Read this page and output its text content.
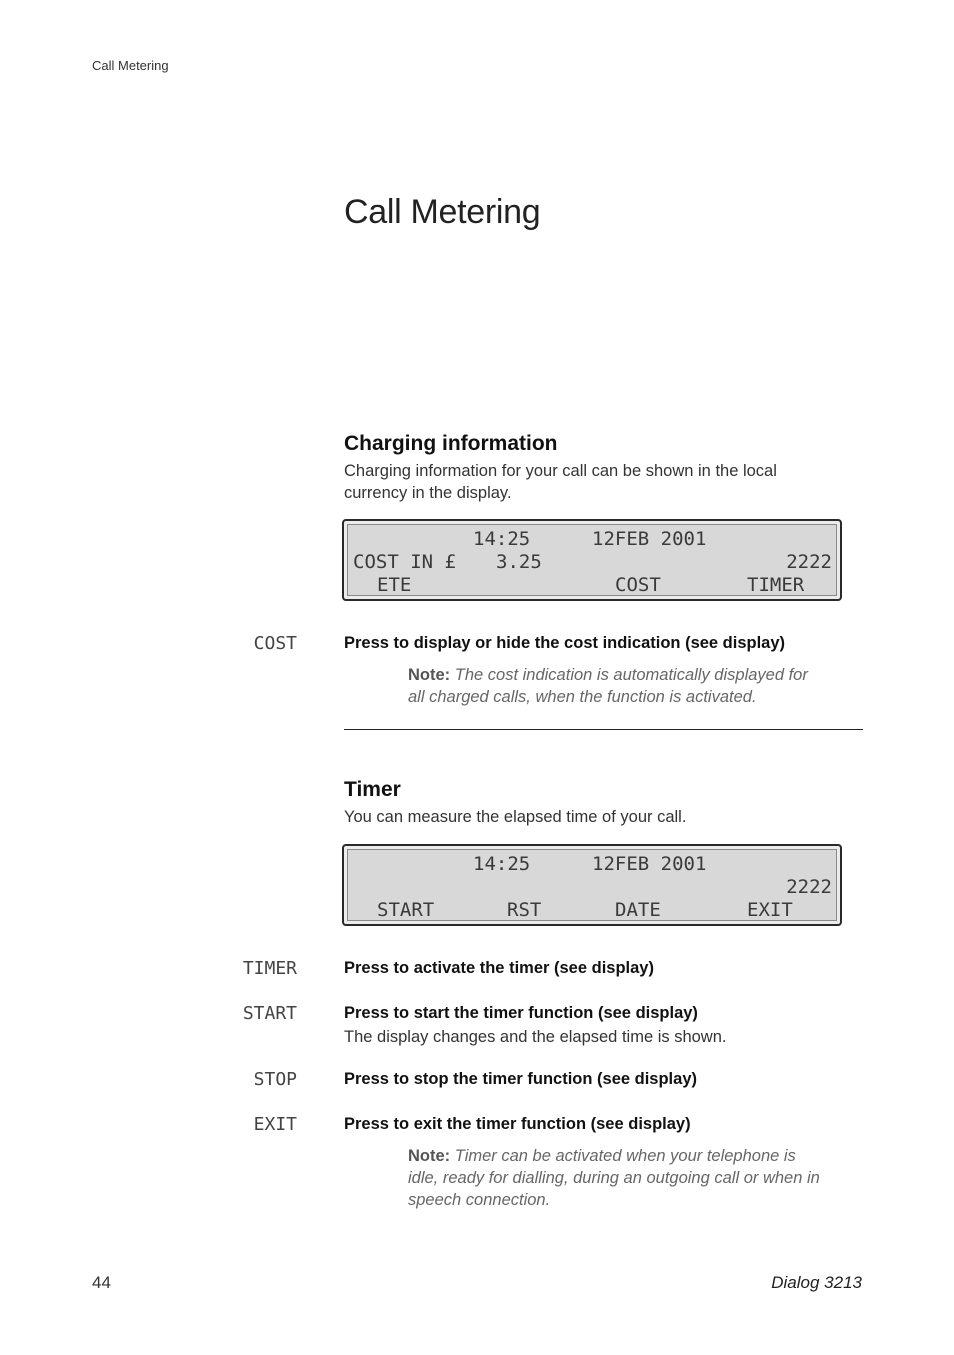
Call Metering
Call Metering
Charging information
Charging information for your call can be shown in the local
currency in the display.
14:25	12FEB 2001
COST IN £ 3.25	2222
ETE	COST	TIMER
COST	Press to display or hide the cost indication (see display)
Note: The cost indication is automatically displayed for
all charged calls, when the function is activated.
Timer
You can measure the elapsed time of your call.
14:25	12FEB 2001
2222
START	RST	DATE	EXIT
TIMER	Press to activate the timer (see display)
START	Press to start the timer function (see display)
The display changes and the elapsed time is shown.
STOP	Press to stop the timer function (see display)
EXIT	Press to exit the timer function (see display)
Note: Timer can be activated when your telephone is
idle, ready for dialling, during an outgoing call or when in
speech connection.
44	Dialog 3213
